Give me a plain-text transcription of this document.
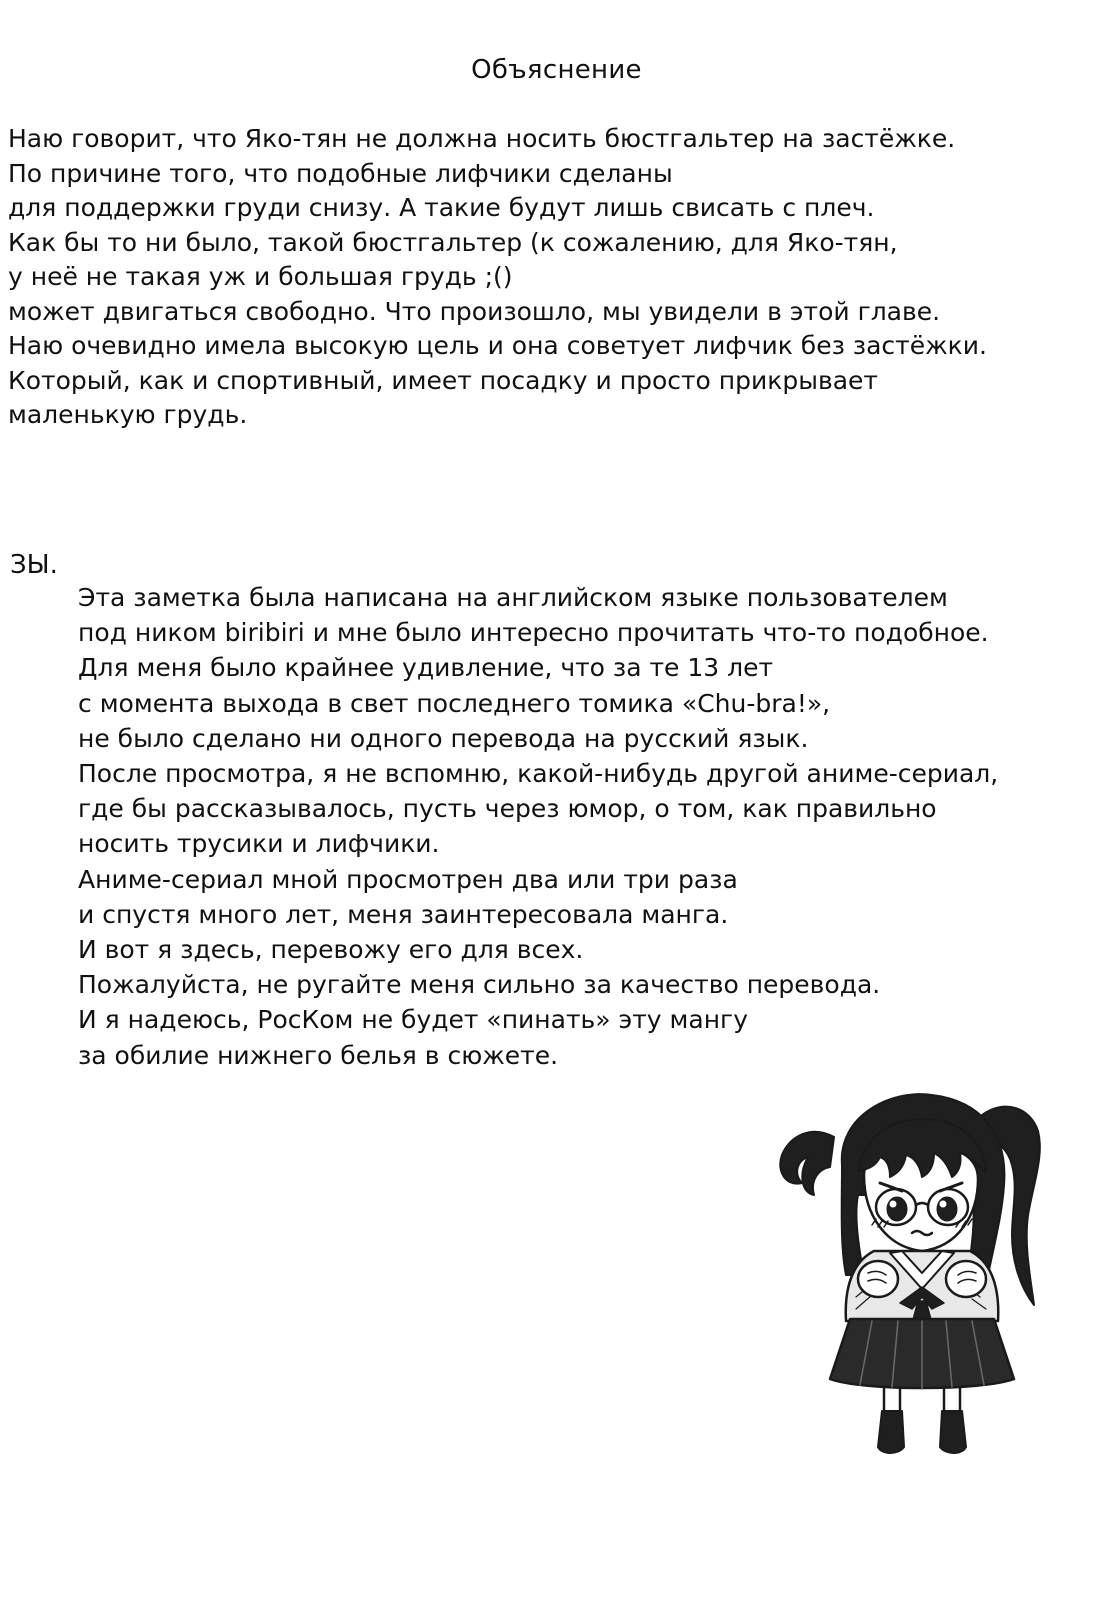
Объяснение
Наю говорит, что Яко-тян не должна носить бюстгальтер на застёжке.
По причине того, что подобные лифчики сделаны
для поддержки груди снизу. А такие будут лишь свисать с плеч.
Как бы то ни было, такой бюстгальтер (к сожалению, для Яко-тян,
у неё не такая уж и большая грудь ;()
может двигаться свободно. Что произошло, мы увидели в этой главе.
Наю очевидно имела высокую цель и она советует лифчик без застёжки.
Который, как и спортивный, имеет посадку и просто прикрывает
маленькую грудь.
ЗЫ.
Эта заметка была написана на английском языке пользователем
под ником biribiri и мне было интересно прочитать что-то подобное.
Для меня было крайнее удивление, что за те 13 лет
с момента выхода в свет последнего томика «Chu-bra!»,
не было сделано ни одного перевода на русский язык.
После просмотра, я не вспомню, какой-нибудь другой аниме-сериал,
где бы рассказывалось, пусть через юмор, о том, как правильно
носить трусики и лифчики.
Аниме-сериал мной просмотрен два или три раза
и спустя много лет, меня заинтересовала манга.
И вот я здесь, перевожу его для всех.
Пожалуйста, не ругайте меня сильно за качество перевода.
И я надеюсь, РосКом не будет «пинать» эту мангу
за обилие нижнего белья в сюжете.
